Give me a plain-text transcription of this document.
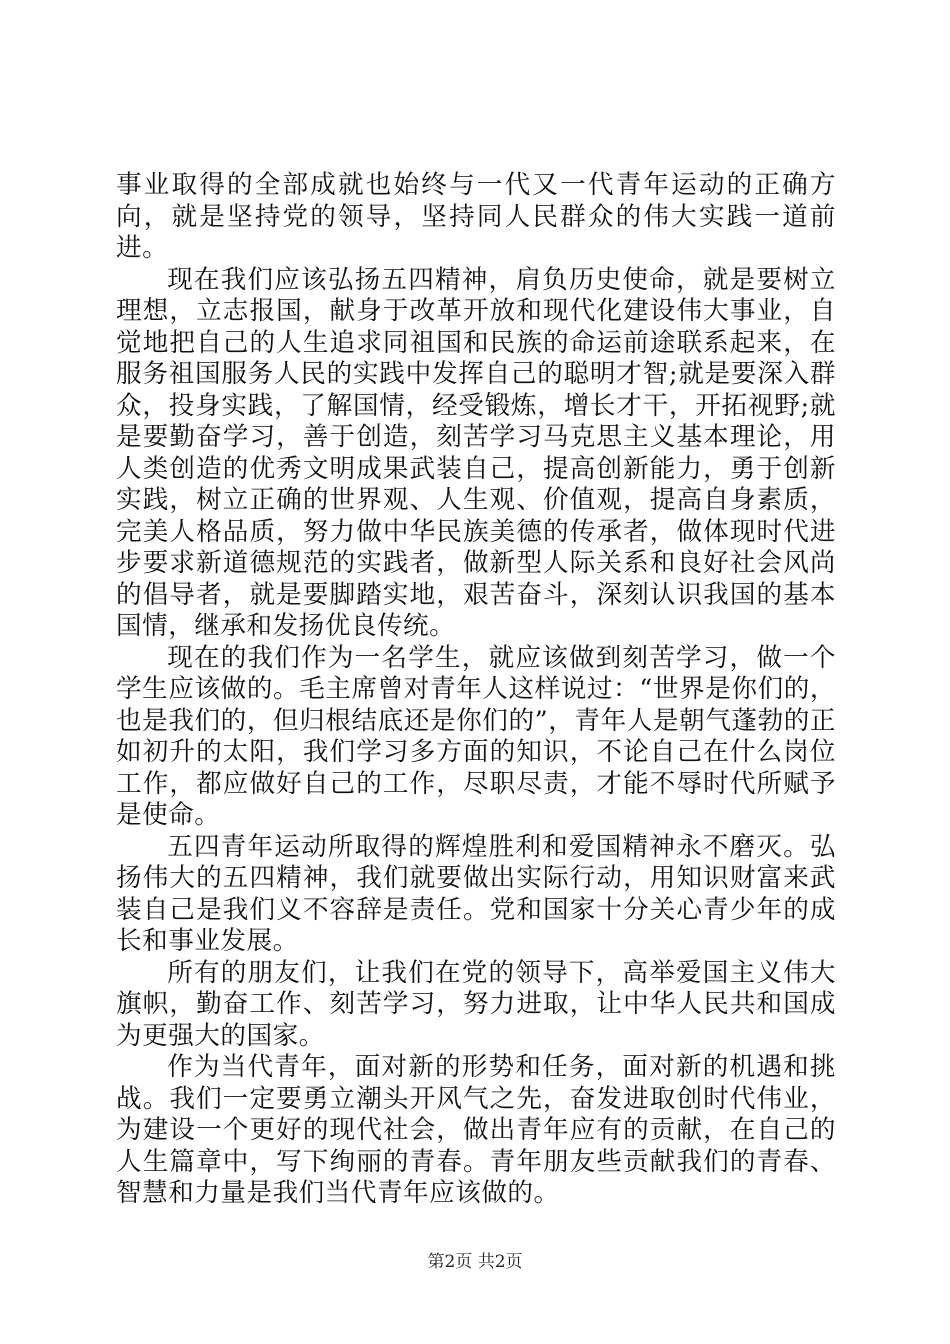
事业取得的全部成就也始终与一代又一代青年运动的正确方向，就是坚持党的领导，坚持同人民群众的伟大实践一道前进。

现在我们应该弘扬五四精神，肩负历史使命，就是要树立理想，立志报国，献身于改革开放和现代化建设伟大事业，自觉地把自己的人生追求同祖国和民族的命运前途联系起来，在服务祖国服务人民的实践中发挥自己的聪明才智;就是要深入群众，投身实践，了解国情，经受锻炼，增长才干，开拓视野;就是要勤奋学习，善于创造，刻苦学习马克思主义基本理论，用人类创造的优秀文明成果武装自己，提高创新能力，勇于创新实践，树立正确的世界观、人生观、价值观，提高自身素质，完美人格品质，努力做中华民族美德的传承者，做体现时代进步要求新道德规范的实践者，做新型人际关系和良好社会风尚的倡导者，就是要脚踏实地，艰苦奋斗，深刻认识我国的基本国情，继承和发扬优良传统。

现在的我们作为一名学生，就应该做到刻苦学习，做一个学生应该做的。毛主席曾对青年人这样说过：“世界是你们的，也是我们的，但归根结底还是你们的”，青年人是朝气蓬勃的正如初升的太阳，我们学习多方面的知识，不论自己在什么岗位工作，都应做好自己的工作，尽职尽责，才能不辱时代所赋予是使命。

五四青年运动所取得的辉煌胜利和爱国精神永不磨灭。弘扬伟大的五四精神，我们就要做出实际行动，用知识财富来武装自己是我们义不容辞是责任。党和国家十分关心青少年的成长和事业发展。

所有的朋友们，让我们在党的领导下，高举爱国主义伟大旗帜，勤奋工作、刻苦学习，努力进取，让中华人民共和国成为更强大的国家。

作为当代青年，面对新的形势和任务，面对新的机遇和挑战。我们一定要勇立潮头开风气之先，奋发进取创时代伟业，为建设一个更好的现代社会，做出青年应有的贡献，在自己的人生篇章中，写下绚丽的青春。青年朋友些贡献我们的青春、智慧和力量是我们当代青年应该做的。

第2页 共2页
